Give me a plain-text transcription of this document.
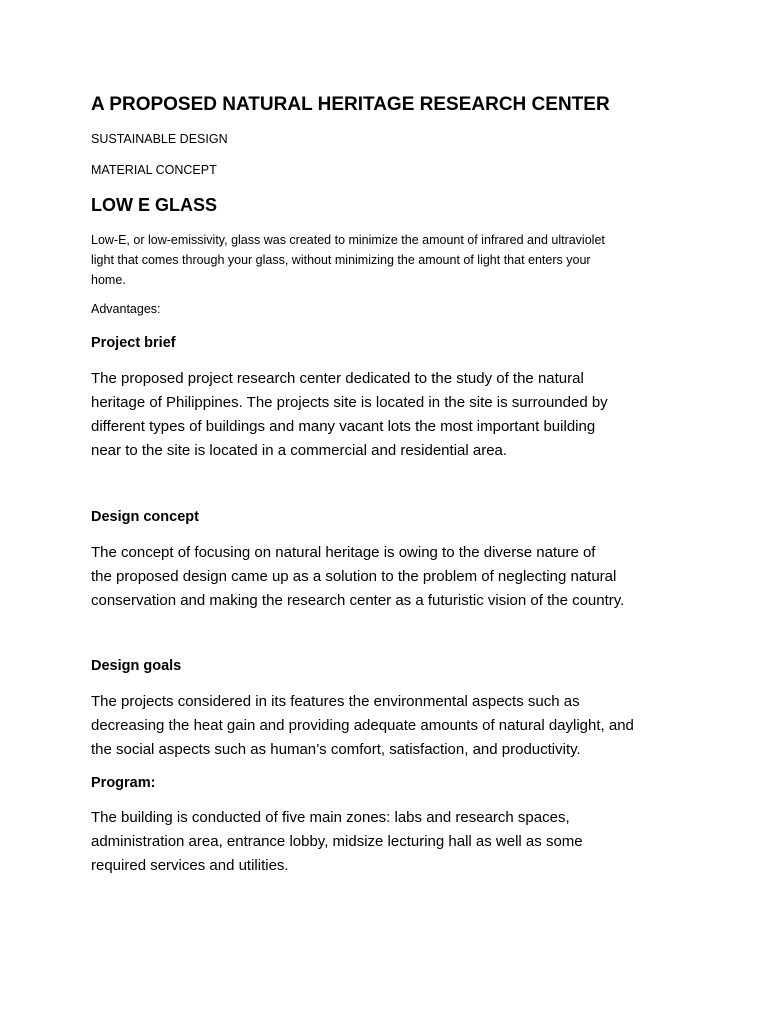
A PROPOSED NATURAL HERITAGE RESEARCH CENTER
SUSTAINABLE DESIGN
MATERIAL CONCEPT
LOW E GLASS
Low-E, or low-emissivity, glass was created to minimize the amount of infrared and ultraviolet
light that comes through your glass, without minimizing the amount of light that enters your
home.
Advantages:
Project brief
The proposed project research center dedicated to the study of the natural
heritage of Philippines. The projects site is located in the site is surrounded by
different types of buildings and many vacant lots the most important building
near to the site is located in a commercial and residential area.
Design concept
The concept of focusing on natural heritage is owing to the diverse nature of
the proposed design came up as a solution to the problem of neglecting natural
conservation and making the research center as a futuristic vision of the country.
Design goals
The projects considered in its features the environmental aspects such as
decreasing the heat gain and providing adequate amounts of natural daylight, and
the social aspects such as human’s comfort, satisfaction, and productivity.
Program:
The building is conducted of five main zones: labs and research spaces,
administration area, entrance lobby, midsize lecturing hall as well as some
required services and utilities.
